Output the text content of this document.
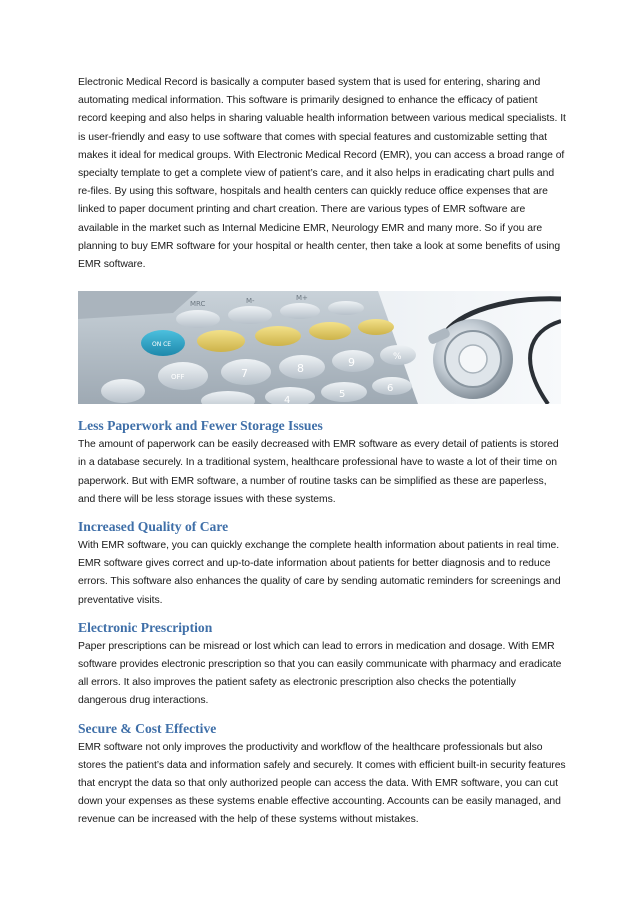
Electronic Medical Record is basically a computer based system that is used for entering, sharing and automating medical information. This software is primarily designed to enhance the efficacy of patient record keeping and also helps in sharing valuable health information between various medical specialists. It is user-friendly and easy to use software that comes with special features and customizable setting that makes it ideal for medical groups. With Electronic Medical Record (EMR), you can access a broad range of specialty template to get a complete view of patient’s care, and it also helps in eradicating chart pulls and re-files. By using this software, hospitals and health centers can quickly reduce office expenses that are linked to paper document printing and chart creation. There are various types of EMR software are available in the market such as Internal Medicine EMR, Neurology EMR and many more. So if you are planning to buy EMR software for your hospital or health center, then take a look at some benefits of using EMR software.

MRC	M-	M+
ON CE
OFF	7	8	9	%
4
5
6
Less Paperwork and Fewer Storage Issues

The amount of paperwork can be easily decreased with EMR software as every detail of patients is stored in a database securely. In a traditional system, healthcare professional have to waste a lot of their time on paperwork. But with EMR software, a number of routine tasks can be simplified as these are paperless, and there will be less storage issues with these systems.

Increased Quality of Care

With EMR software, you can quickly exchange the complete health information about patients in real time. EMR software gives correct and up-to-date information about patients for better diagnosis and to reduce errors. This software also enhances the quality of care by sending automatic reminders for screenings and preventative visits.

Electronic Prescription

Paper prescriptions can be misread or lost which can lead to errors in medication and dosage. With EMR software provides electronic prescription so that you can easily communicate with pharmacy and eradicate all errors. It also improves the patient safety as electronic prescription also checks the potentially dangerous drug interactions.

Secure & Cost Effective

EMR software not only improves the productivity and workflow of the healthcare professionals but also stores the patient’s data and information safely and securely. It comes with efficient built-in security features that encrypt the data so that only authorized people can access the data. With EMR software, you can cut down your expenses as these systems enable effective accounting. Accounts can be easily managed, and revenue can be increased with the help of these systems without mistakes.
